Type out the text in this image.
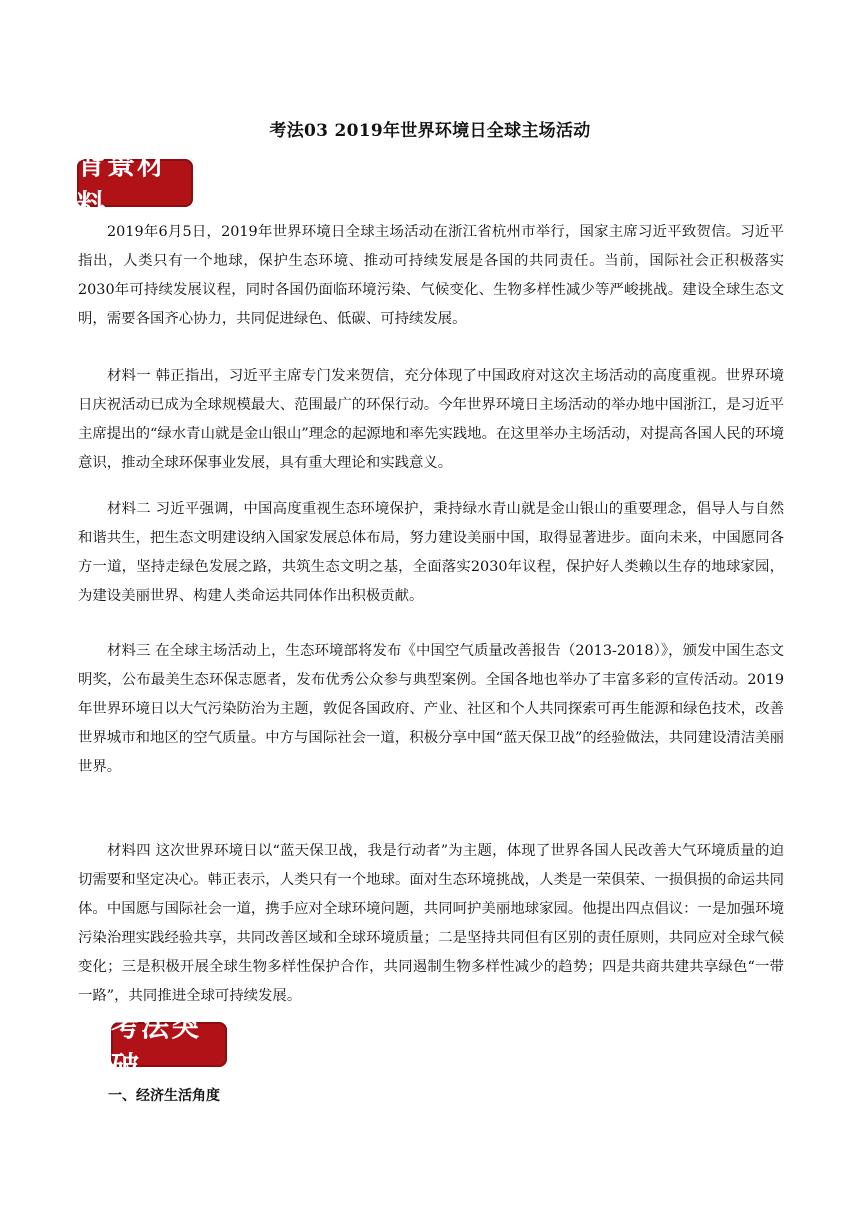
考法03 2019年世界环境日全球主场活动
背景材料

2019年6月5日，2019年世界环境日全球主场活动在浙江省杭州市举行，国家主席习近平致贺信。习近平指出，人类只有一个地球，保护生态环境、推动可持续发展是各国的共同责任。当前，国际社会正积极落实2030年可持续发展议程，同时各国仍面临环境污染、气候变化、生物多样性减少等严峻挑战。建设全球生态文明，需要各国齐心协力，共同促进绿色、低碳、可持续发展。

材料一 韩正指出，习近平主席专门发来贺信，充分体现了中国政府对这次主场活动的高度重视。世界环境日庆祝活动已成为全球规模最大、范围最广的环保行动。今年世界环境日主场活动的举办地中国浙江，是习近平主席提出的“绿水青山就是金山银山”理念的起源地和率先实践地。在这里举办主场活动，对提高各国人民的环境意识，推动全球环保事业发展，具有重大理论和实践意义。

材料二 习近平强调，中国高度重视生态环境保护，秉持绿水青山就是金山银山的重要理念，倡导人与自然和谐共生，把生态文明建设纳入国家发展总体布局，努力建设美丽中国，取得显著进步。面向未来，中国愿同各方一道，坚持走绿色发展之路，共筑生态文明之基，全面落实2030年议程，保护好人类赖以生存的地球家园，为建设美丽世界、构建人类命运共同体作出积极贡献。

材料三 在全球主场活动上，生态环境部将发布《中国空气质量改善报告（2013-2018）》，颁发中国生态文明奖，公布最美生态环保志愿者，发布优秀公众参与典型案例。全国各地也举办了丰富多彩的宣传活动。2019年世界环境日以大气污染防治为主题，敦促各国政府、产业、社区和个人共同探索可再生能源和绿色技术，改善世界城市和地区的空气质量。中方与国际社会一道，积极分享中国“蓝天保卫战”的经验做法，共同建设清洁美丽世界。

材料四 这次世界环境日以“蓝天保卫战，我是行动者”为主题，体现了世界各国人民改善大气环境质量的迫切需要和坚定决心。韩正表示，人类只有一个地球。面对生态环境挑战，人类是一荣俱荣、一损俱损的命运共同体。中国愿与国际社会一道，携手应对全球环境问题，共同呵护美丽地球家园。他提出四点倡议：一是加强环境污染治理实践经验共享，共同改善区域和全球环境质量；二是坚持共同但有区别的责任原则，共同应对全球气候变化；三是积极开展全球生物多样性保护合作，共同遏制生物多样性减少的趋势；四是共商共建共享绿色“一带一路”，共同推进全球可持续发展。

考法突破
一、经济生活角度
